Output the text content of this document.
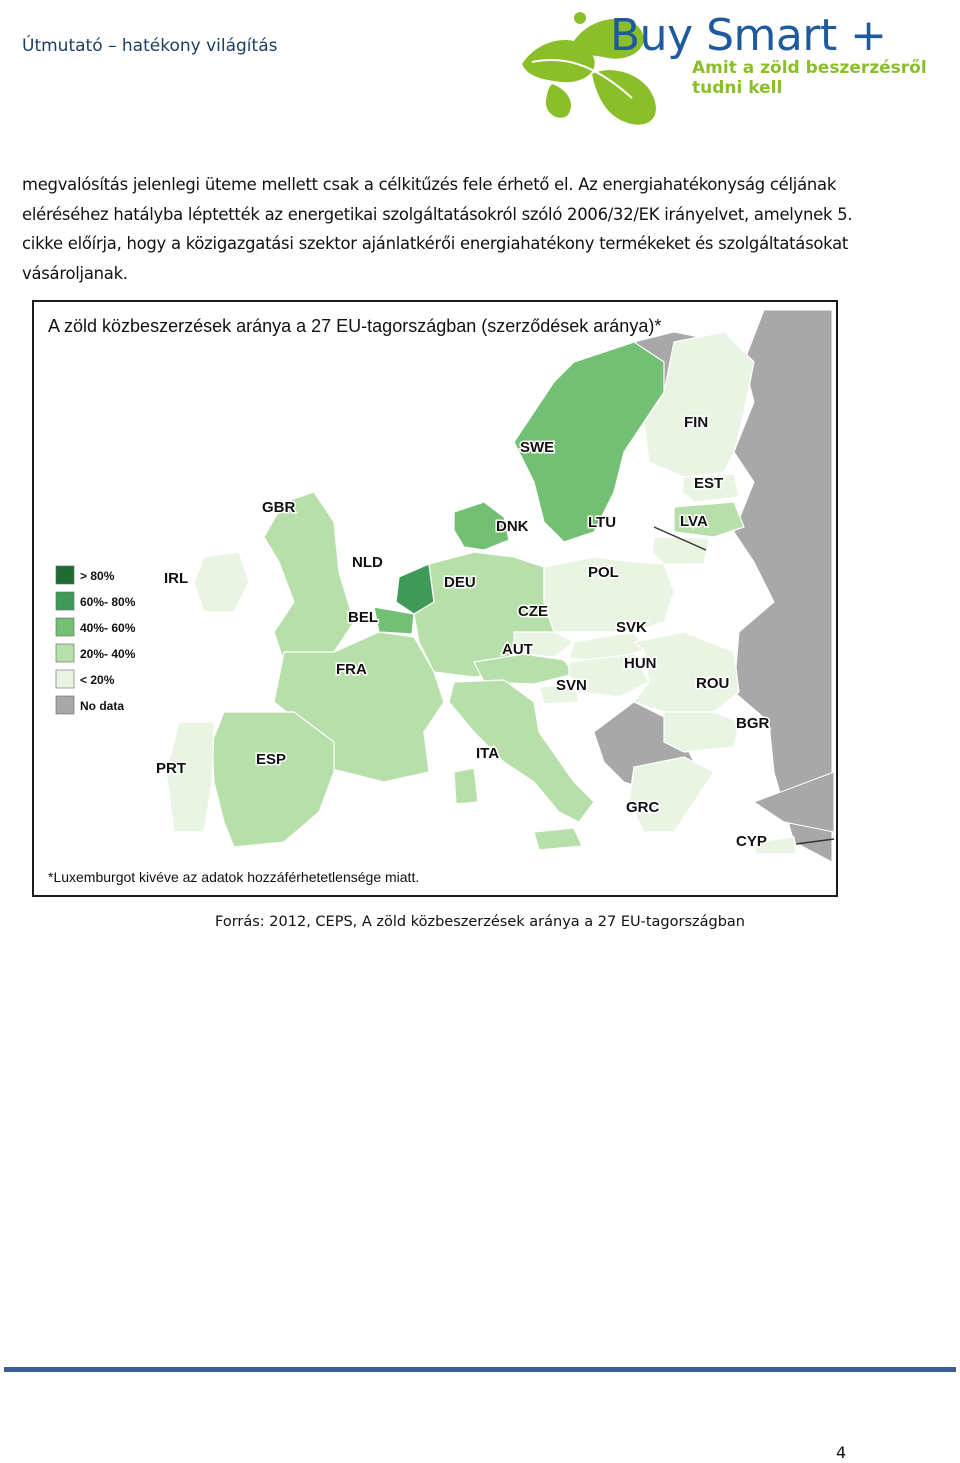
Útmutató – hatékony világítás	Buy Smart +
Amit a zöld beszerzésről
tudni kell
megvalósítás jelenlegi üteme mellett csak a célkitűzés fele érhető el. Az energiahatékonyság céljának eléréséhez hatályba léptették az energetikai szolgáltatásokról szóló 2006/32/EK irányelvet, amelynek 5. cikke előírja, hogy a közigazgatási szektor ajánlatkérői energiahatékony termékeket és szolgáltatásokat vásároljanak.
SWE
FIN
EST
LVA
LTU
DNK
GBR
IRL
NLD
BEL
DEU
POL
CZE
SVK
AUT
HUN
FRA
ROU
SVN
BGR
ESP
PRT
ITA
GRC
CYP
A zöld közbeszerzések aránya a 27 EU-tagországban (szerződések aránya)*
> 80%
60%- 80%
40%- 60%
20%- 40%
< 20%
No data
*Luxemburgot kivéve az adatok hozzáférhetetlensége miatt.
Forrás: 2012, CEPS, A zöld közbeszerzések aránya a 27 EU-tagországban
4
